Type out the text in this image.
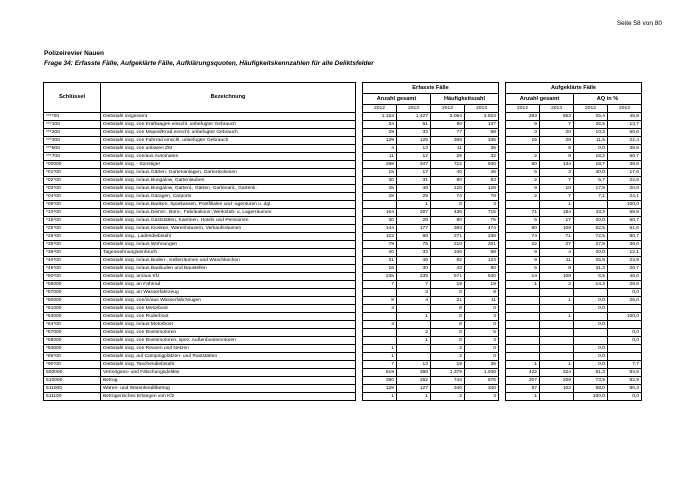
Seite 58 von 80
Polizeirevier Nauen
Frage 34: Erfasste Fälle, Aufgeklärte Fälle, Aufklärungsquoten, Häufigkeitskennzahlen für alle Deliktsfelder
Schlüssel	Bezeichnung		Erfasste Fälle					Aufgeklärte Fälle			
			Anzahl gesamt		Häufigkeitszahl			Anzahl gesamt		AQ in %	
			2012	2013	2012	2013		2012	2013	2012	2013
****00	Diebstahl insgesamt		1.153	1.427	3.064	3.824		293	653	25,4	45,8
***100	Diebstahl insg. von Kraftwagen einschl. unbefugter Gebrauch		34	51	90	137		9	7	26,5	13,7
***200	Diebstahl insg. von Moped/Krad einschl. unbefugter Gebrauch		29	33	77	88		3	20	10,3	60,6
***300	Diebstahl insg. von Fahrrad einschl. unbefugter Gebrauch		139	125	369	335		16	28	11,5	22,4
***500	Diebstahl insg. von unbaren ZM		4	13	11	35			5	0,0	38,5
***700	Diebstahl insg. von/aus Automaten		11	12	29	32		2	8	18,2	66,7
*00000	Diebstahl insg. - Sonstiger		268	347	712	930		50	134	18,7	38,6
*01*00	Diebstahl insg. in/aus Gärten, Gartenanlagen, Gartenkolonien		15	17	40	46		6	3	40,0	17,6
*02*00	Diebstahl insg. in/aus Bungalow, Gartenlauben		30	31	80	83		2	7	6,7	22,6
*03*00	Diebstahl insg. in/aus Bungalow, Gartenl., Gärten, Gartenanl., Gartenk.		45	48	120	129		8	10	17,8	20,8
*04*00	Diebstahl insg. in/aus Garagen, Carports		28	29	74	78		2	7	7,1	24,1
*05*00	Diebstahl insg. in/aus Banken, Sparkassen, Postfilialen und -agenturen u. dgl.			1	0	3			1		100,0
*10*00	Diebstahl insg. in/aus Dienst-, Büro-, Fabrikations-,Werkstatt- u. Lagerräumen		164	267	436	715		71	184	43,3	68,9
*15*00	Diebstahl insg. in/aus Gaststätten, Kantinen, Hotels und Pensionen		30	28	80	75		6	17	20,0	60,7
*25*00	Diebstahl insg. in/aus Kiosken, Warenhäusern, Verkaufsräumen		144	177	383	474		90	109	62,5	61,6
*26*00	Diebstahl insg., Ladendiebstahl		102	88	271	236		74	71	72,5	80,7
*35*00	Diebstahl insg. in/aus Wohnungen		79	75	210	201		22	27	27,8	36,0
*36*00	Tageswohnungseinbruch		40	33	106	88		8	4	20,0	12,1
*40*00	Diebstahl insg. in/aus Boden-, Kellerräumen und Waschküchen		31	46	82	123		8	11	25,8	23,9
*45*00	Diebstahl insg. in/aus Baubuden und Baustellen		16	30	43	80		5	8	31,3	26,7
*50*00	Diebstahl insg. an/aus Kfz		235	235	571	630		14	108	6,5	46,0
*56000	Diebstahl insg. an Fahrrad		7	7	19	19		1	2	14,3	28,6
*57000	Diebstahl insg. an Wasserfahrzeug			3	0	8					0,0
*60000	Diebstahl insg. von/in/aus Wasserfahrzeugen		8	4	21	11			1	0,0	25,0
*61000	Diebstahl insg. von Motorboot		3		8	0				0,0	
*63000	Diebstahl insg. von Ruderboot			1	0	3			1		100,0
*64*00	Diebstahl insg. in/aus Motorboot		3		8	0				0,0	
*67000	Diebstahl insg. von Bootsmotoren			2	0	5					0,0
*68000	Diebstahl insg. von Bootsmotoren, spez. Außenbootsmotoren			1	0	3					0,0
*83000	Diebstahl insg. von Reusen und Netzen		1		3	0				0,0	
*86*00	Diebstahl insg. auf Campingplätzen- und Raststätten		1		3	0				0,0	
*90*00	Diebstahl insg. Taschendiebstahl		7	13	19	35		1	1	0,0	7,7
500000	Vermögens- und Fälschungsdelikte		519	388	1.379	1.040		422	324	81,3	83,5
510000	Betrug		280	252	744	675		207	209	73,9	82,9
511000	Waren- und Warenkreditbetrug		128	127	340	340		87	102	68,0	80,3
511100	Betrügerisches Erlangen von Kfz		1	1	3	3		1		100,0	0,0
